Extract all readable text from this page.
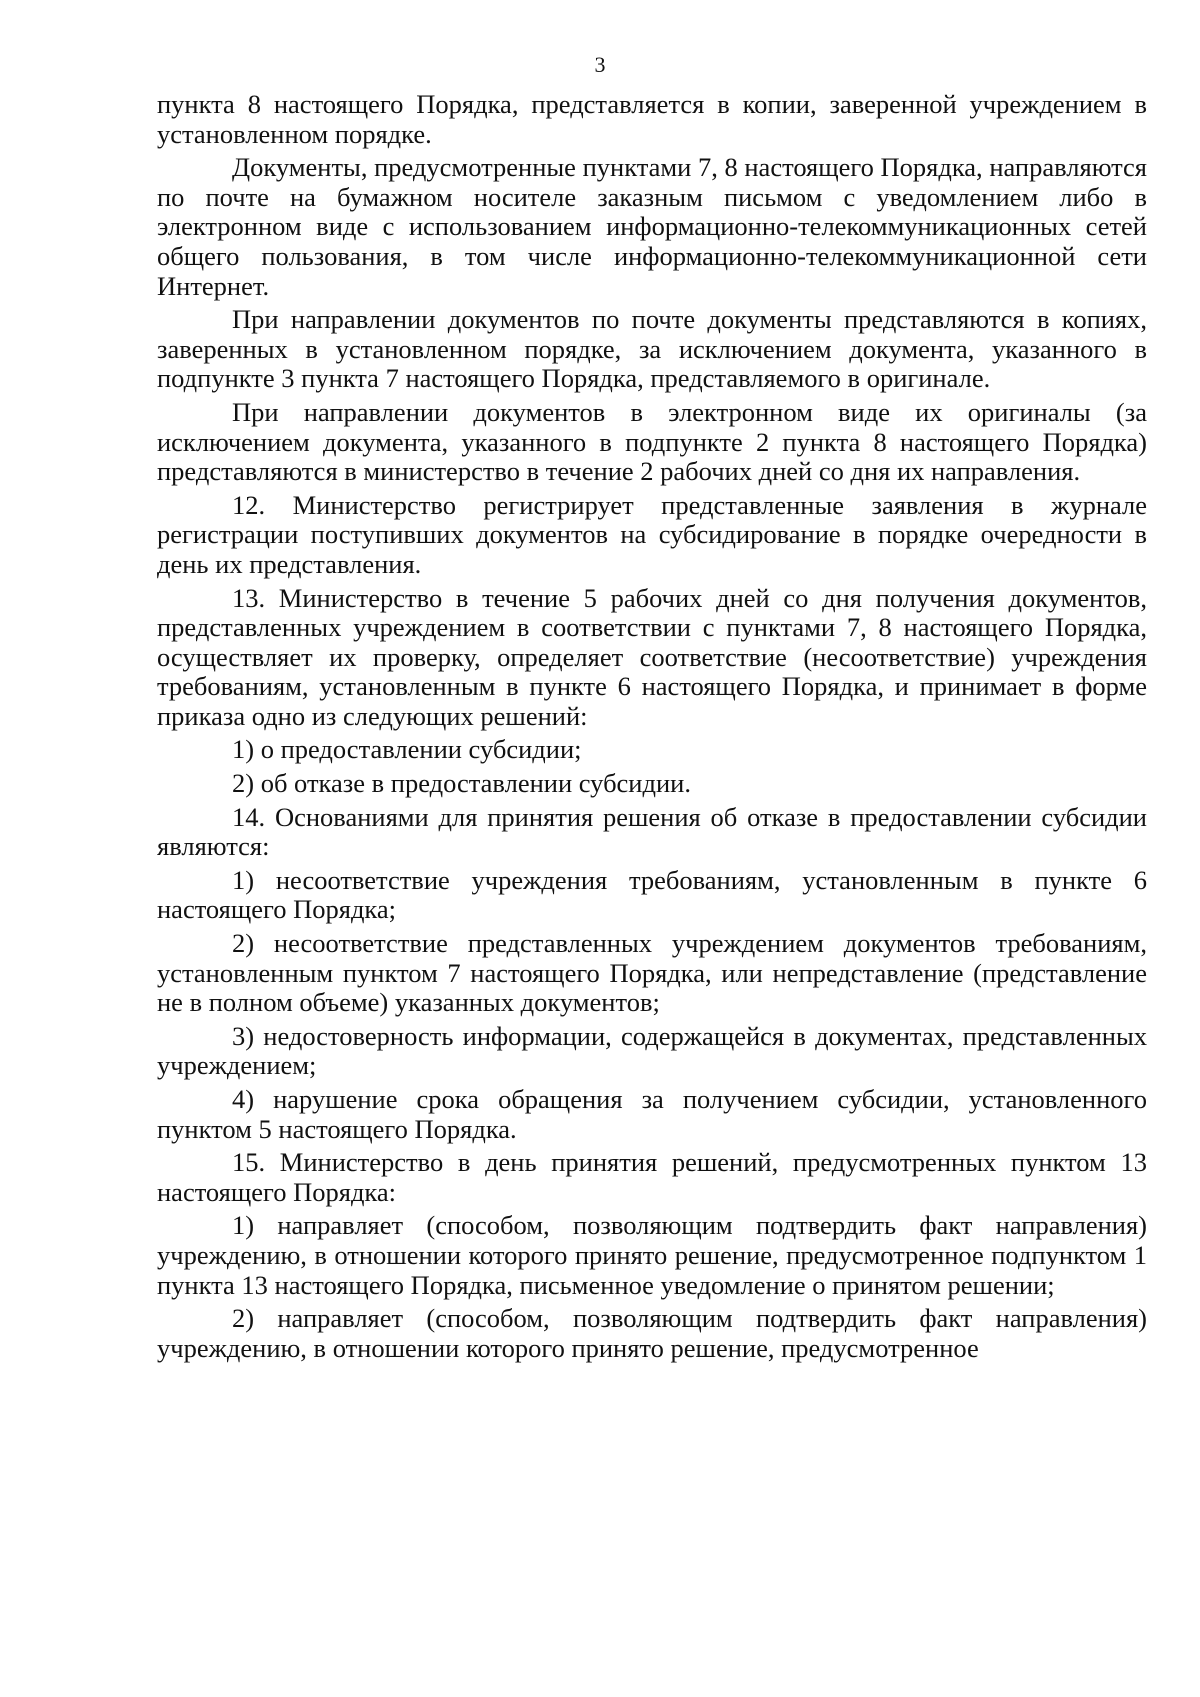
3

пункта 8 настоящего Порядка, представляется в копии, заверенной учреждением в установленном порядке.

Документы, предусмотренные пунктами 7, 8 настоящего Порядка, направляются по почте на бумажном носителе заказным письмом с уведомлением либо в электронном виде с использованием информационно-телекоммуникационных сетей общего пользования, в том числе информационно-телекоммуникационной сети Интернет.

При направлении документов по почте документы представляются в копиях, заверенных в установленном порядке, за исключением документа, указанного в подпункте 3 пункта 7 настоящего Порядка, представляемого в оригинале.

При направлении документов в электронном виде их оригиналы (за исключением документа, указанного в подпункте 2 пункта 8 настоящего Порядка) представляются в министерство в течение 2 рабочих дней со дня их направления.

12. Министерство регистрирует представленные заявления в журнале регистрации поступивших документов на субсидирование в порядке очередности в день их представления.

13. Министерство в течение 5 рабочих дней со дня получения документов, представленных учреждением в соответствии с пунктами 7, 8 настоящего Порядка, осуществляет их проверку, определяет соответствие (несоответствие) учреждения требованиям, установленным в пункте 6 настоящего Порядка, и принимает в форме приказа одно из следующих решений:

1) о предоставлении субсидии;

2) об отказе в предоставлении субсидии.

14. Основаниями для принятия решения об отказе в предоставлении субсидии являются:

1) несоответствие учреждения требованиям, установленным в пункте 6 настоящего Порядка;

2) несоответствие представленных учреждением документов требованиям, установленным пунктом 7 настоящего Порядка, или непредставление (представление не в полном объеме) указанных документов;

3) недостоверность информации, содержащейся в документах, представленных учреждением;

4) нарушение срока обращения за получением субсидии, установленного пунктом 5 настоящего Порядка.

15. Министерство в день принятия решений, предусмотренных пунктом 13 настоящего Порядка:

1) направляет (способом, позволяющим подтвердить факт направления) учреждению, в отношении которого принято решение, предусмотренное подпунктом 1 пункта 13 настоящего Порядка, письменное уведомление о принятом решении;

2) направляет (способом, позволяющим подтвердить факт направления) учреждению, в отношении которого принято решение, предусмотренное
